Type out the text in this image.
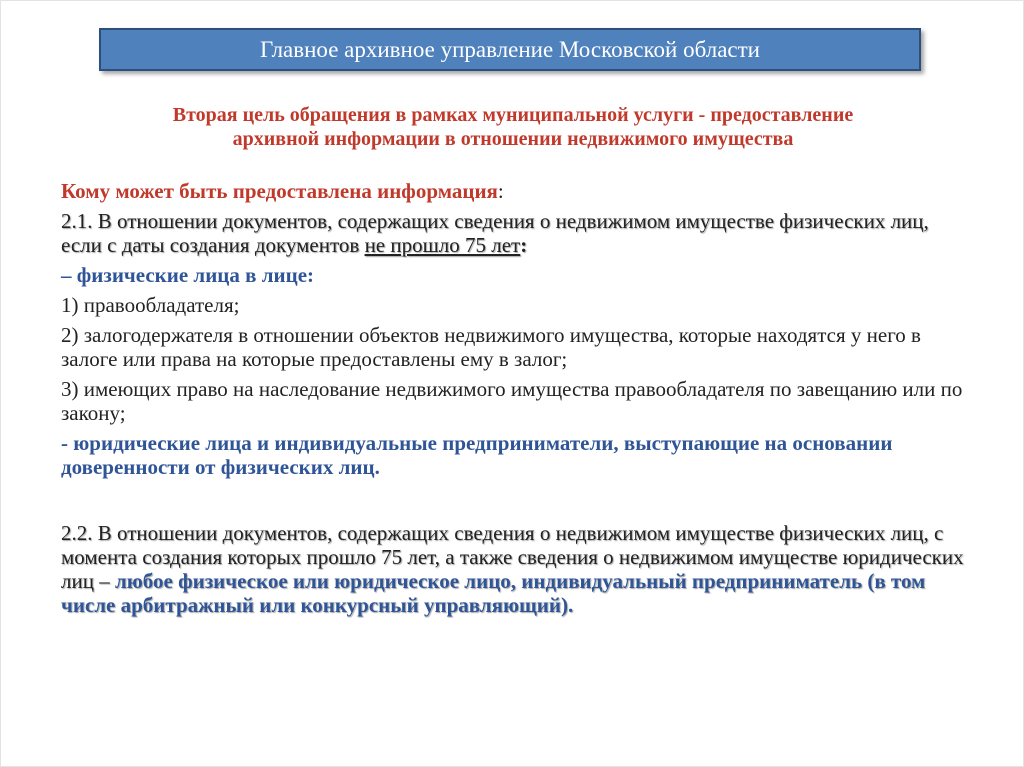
Главное архивное управление Московской области
Вторая цель обращения в рамках муниципальной услуги - предоставление
архивной информации в отношении недвижимого имущества

Кому может быть предоставлена информация:

2.1. В отношении документов, содержащих сведения о недвижимом имуществе физических лиц, если с даты создания документов не прошло 75 лет:

– физические лица в лице:

1) правообладателя;

2) залогодержателя в отношении объектов недвижимого имущества, которые находятся у него в залоге или права на которые предоставлены ему в залог;

3) имеющих право на наследование недвижимого имущества правообладателя по завещанию или по закону;

- юридические лица и индивидуальные предприниматели, выступающие на основании доверенности от физических лиц.

2.2. В отношении документов, содержащих сведения о недвижимом имуществе физических лиц, с момента создания которых прошло 75 лет, а также сведения о недвижимом имуществе юридических лиц – любое физическое или юридическое лицо, индивидуальный предприниматель (в том числе арбитражный или конкурсный управляющий).
